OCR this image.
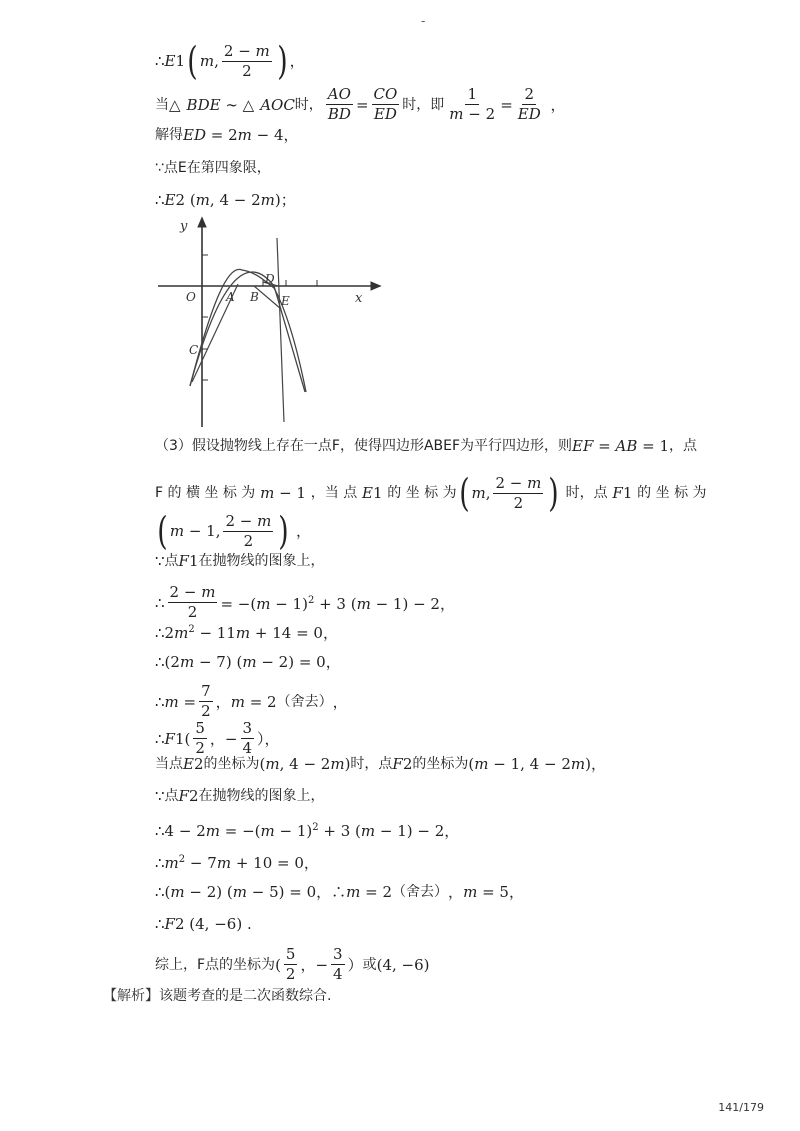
-
∴ E 1 ( m , $\frac{2 - m}{2}$ ) ，
当 △ BDE ∼ △ AOC 时， $\frac{AO}{BD} = \frac{CO}{ED}$ 时， 即 $\frac{1}{m - 2} = \frac{2}{ED}$ ，
解得 ED = 2m − 4，
∵点E在第四象限，
∴ E 2 (m, 4 − 2m)；
y
x
O	A B
C
D
E
（3）假设抛物线上存在一点F，使得四边形ABEF为平行四边形，则 EF = AB = 1 ，点
F 的 横 坐 标 为 m − 1 ，当 点
E 1
的 坐 标 为 ( m , $\frac{2 - m}{2}$ ) 时 ，点
F 1
的 坐 标 为
( m − 1, $\frac{2 - m}{2}$ ) ，
∵ 点 F 1 在抛物线的图象上，
∴ $\frac{2 - m}{2} = -(m - 1)^2 + 3$ (m − 1) − 2，
$\therefore 2m^2 - 11m + 14 = 0$，
∴(2m − 7) (m − 2) = 0，
∴m = $\frac{7}{2}$ ，m = 2 （舍去） ，
∴ F 1 ( $\frac{5}{2}$ ，− $\frac{3}{4}$ ），
当点 E 2 的坐标为 (m, 4 − 2m) 时，点 F 2 的坐标为 (m − 1, 4 − 2m)，
∵ 点 F 2 在抛物线的图象上，
∴4 − $2m = -(m - 1)^2 + 3$ (m − 1) − 2，
$\therefore m^2 - 7m + 10 = 0$，
∴(m − 2) (m − 5) = 0，∴m = 2 （舍去） ，m = 5，
∴ F 2 (4, −6) .
综上，F点的坐标为 ( $\frac{5}{2}$ ，− $\frac{3}{4}$ ） 或 (4, −6)
【解析】 该题考查的是二次函数综合.
141/179
